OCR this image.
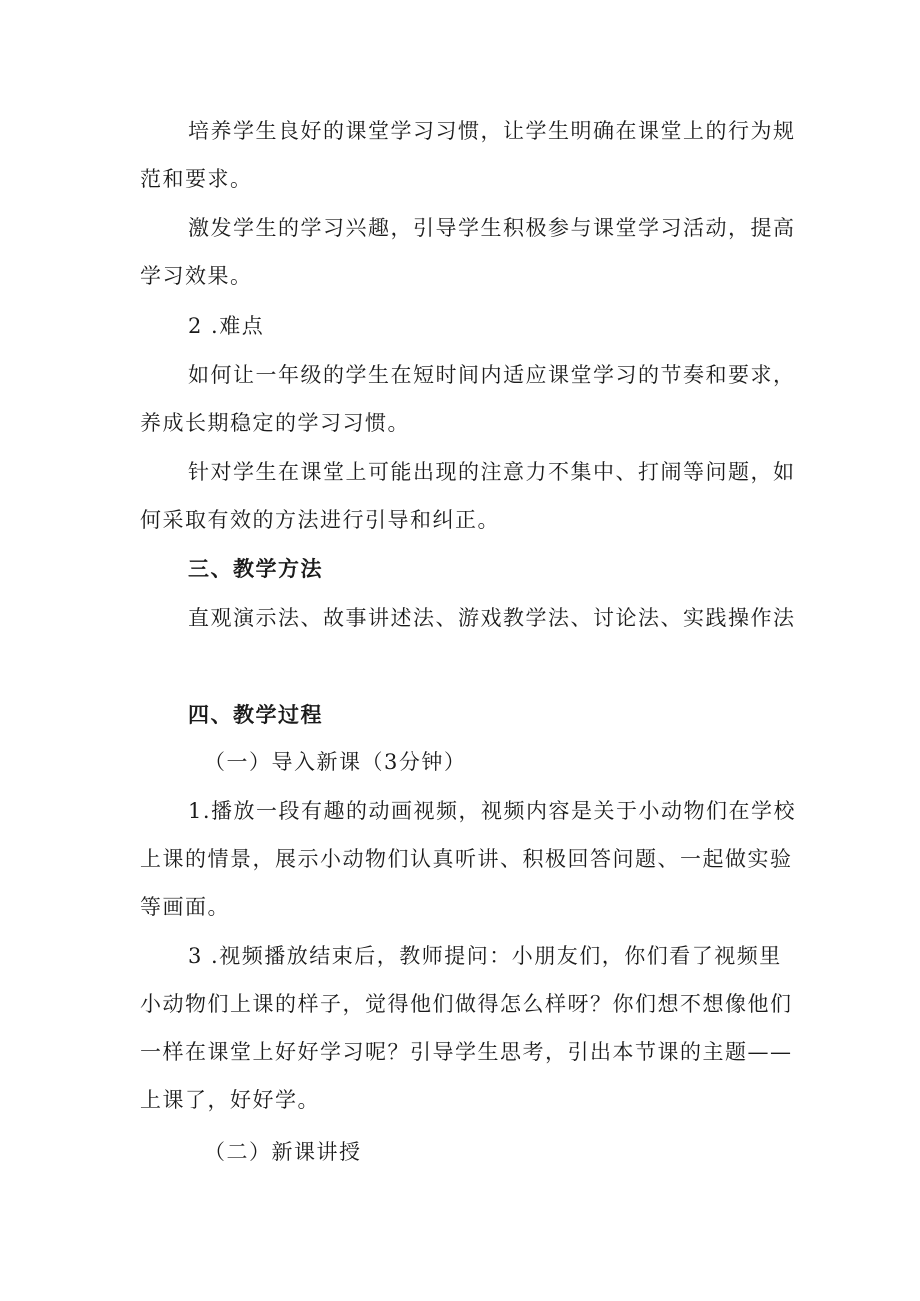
培养学生良好的课堂学习习惯，让学生明确在课堂上的行为规范和要求。

激发学生的学习兴趣，引导学生积极参与课堂学习活动，提高学习效果。

2 .难点

如何让一年级的学生在短时间内适应课堂学习的节奏和要求，养成长期稳定的学习习惯。

针对学生在课堂上可能出现的注意力不集中、打闹等问题，如何采取有效的方法进行引导和纠正。

三、教学方法

直观演示法、故事讲述法、游戏教学法、讨论法、实践操作法

四、教学过程

（一）导入新课（3分钟）

1.播放一段有趣的动画视频，视频内容是关于小动物们在学校上课的情景，展示小动物们认真听讲、积极回答问题、一起做实验等画面。

3 .视频播放结束后，教师提问：小朋友们，你们看了视频里小动物们上课的样子，觉得他们做得怎么样呀？你们想不想像他们一样在课堂上好好学习呢？引导学生思考，引出本节课的主题——上课了，好好学。

（二）新课讲授
